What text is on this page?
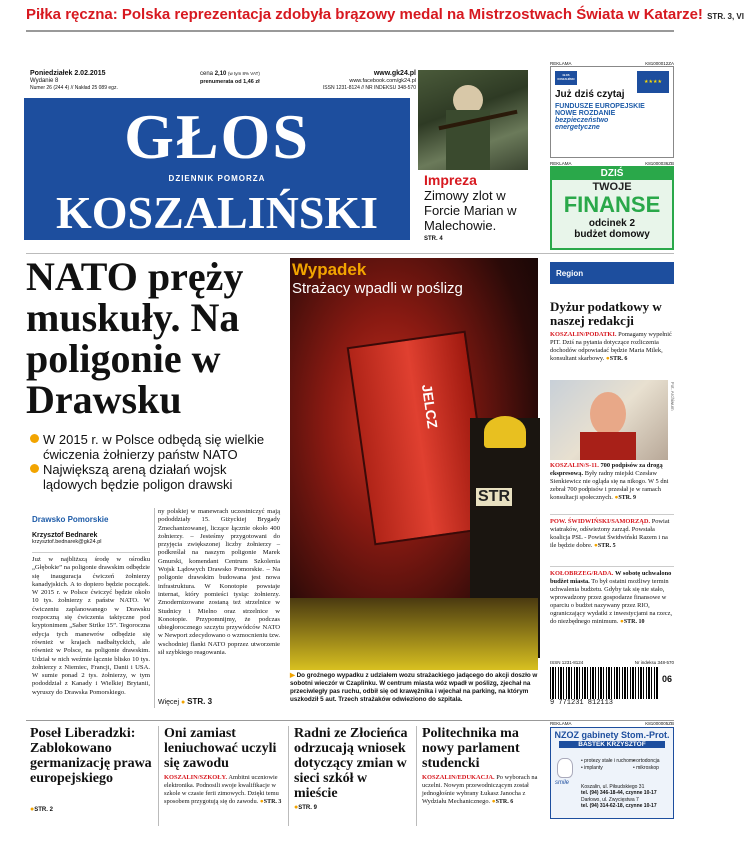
Piłka ręczna: Polska reprezentacja zdobyła brązowy medal na Mistrzostwach Świata w Katarze! STR. 3, VI
Poniedziałek 2.02.2015
Wydanie 8
Numer 26 (244 4) // Nakład 25 089 egz.
cena 2,10 (w tym 8% VAT)
prenumerata od 1,46 zł
www.gk24.pl
www.facebook.com/gk24.pl
ISSN 1231-8124 // NR INDEKSU 348-570
GŁOS
DZIENNIK POMORZA
KOSZALIŃSKI
Impreza
Zimowy zlot w Forcie Marian w Malechowie.
STR. 4
REKLAMA	K81000012ZA
GŁOS KOSZALIŃSKI
Już dziś czytaj
FUNDUSZE EUROPEJSKIE
NOWE ROZDANIE
bezpieczeństwo
energetyczne
★★★★
REKLAMA	K81000036ZB
DZIŚ
TWOJE
FINANSE
odcinek 2
budżet domowy
NATO pręży muskuły. Na poligonie w Drawsku
W 2015 r. w Polsce odbędą się wielkie ćwiczenia żołnierzy państw NATO
Największą areną działań wojsk lądowych będzie poligon drawski
Drawsko Pomorskie
Krzysztof Bednarek
krzysztof.bednarek@gk24.pl
Już w najbliższą środę w ośrodku „Głębokie” na poligonie drawskim odbędzie się inauguracja ćwiczeń żołnierzy kanadyjskich. A to dopiero będzie początek. W 2015 r. w Polsce ćwiczyć będzie około 10 tys. żołnierzy z państw NATO. W ćwiczeniu zaplanowanego w Drawsku rozpoczną się ćwiczenia taktyczne pod kryptonimem „Saber Strike 15”. Tegoroczna edycja tych manewrów odbędzie się również w krajach nadbałtyckich, ale również w Polsce, na poligonie drawskim. Udział w nich weźmie łącznie blisko 10 tys. żołnierzy z Niemiec, Francji, Danii i USA. W sumie ponad 2 tys. żołnierzy, w tym pododdział z Kanady i Wielkiej Brytanii, wyruszy do Drawska Pomorskiego.
ny polskiej w manewrach uczestniczyć mają pododdziały 15. Giżyckiej Brygady Zmechanizowanej, liczące łącznie około 400 żołnierzy. – Jesteśmy przygotowani do przyjęcia zwiększonej liczby żołnierzy – podkreślał na naszym poligonie Marek Gmurski, komendant Centrum Szkolenia Wojsk Lądowych Drawsko Pomorskie. – Na poligonie drawskim budowana jest nowa infrastruktura. W Konotopie powstaje internat, który pomieści tysiąc żołnierzy. Zmodernizowane zostaną też strzelnice w Studnicy i Mielno oraz strzelnice w Konotopie. Przypomnijmy, że podczas ubiegłorocznego szczytu przywódców NATO w Newport zdecydowano o wzmocnieniu tzw. wschodniej flanki NATO poprzez utworzenie sił szybkiego reagowania.
Więcej ● STR. 3
JELCZ
STR
Wypadek
Strażacy wpadli w poślizg
▶ Do groźnego wypadku z udziałem wozu strażackiego jadącego do akcji doszło w sobotni wieczór w Czaplinku. W centrum miasta wóz wpadł w poślizg, zjechał na przeciwległy pas ruchu, odbił się od krawężnika i wjechał na parking, na którym uszkodził 5 aut. Trzech strażaków odwieziono do szpitala.
Region
Dyżur podatkowy w naszej redakcji
KOSZALIN/PODATKI. Pomagamy wypełnić PIT. Dziś na pytania dotyczące rozliczenia dochodów odpowiadać będzie Maria Milek, konsultant skarbowy. ●STR. 6
Fot. Archiwum
KOSZALIN/S-11. 700 podpisów za drogą ekspresową. Były radny miejski Czesław Sienkiewicz nie ogląda się na nikogo. W 5 dni zebrał 700 podpisów i przesłał je w ramach konsultacji społecznych. ●STR. 9
POW. ŚWIDWIŃSKI/SAMORZĄD. Powiat wiatraków, odświeżony zarząd. Powstała koalicja PSL - Powiat Świdwiński Razem i na ile będzie dobre. ●STR. 5
KOŁOBRZEG/RADA. W sobotę uchwalono budżet miasta. To był ostatni możliwy termin uchwalenia budżetu. Gdyby tak się nie stało, wprowadzony przez gospodarze finansowe w oparciu o budżet nazywany przez RIO, ograniczający wydatki z inwestycjami na rzecz, do niezbędnego minimum. ●STR. 10
ISSN 1231-8124	Nr indeksu 348-570
9 771231 812113
06
Poseł Liberadzki: Zablokowano germanizację prawa europejskiego
●STR. 2
Oni zamiast leniuchować uczyli się zawodu
KOSZALIN/SZKOŁY. Ambitni uczniowie elektronika. Podnosili swoje kwalifikacje w szkole w czasie ferii zimowych. Dzięki temu sposobem przygotują się do zawodu. ●STR. 3
Radni ze Złocieńca odrzucają wniosek dotyczący zmian w sieci szkół w mieście
●STR. 9
Politechnika ma nowy parlament studencki
KOSZALIN/EDUKACJA. Po wyborach na uczelni. Nowym przewodniczącym został jednogłośnie wybrany Łukasz Janocha z Wydziału Mechanicznego. ●STR. 6
REKLAMA	K81000005ZB
NZOZ gabinety Stom.-Prot.
BASTEK KRZYSZTOF
smile
• protezy stałe i ruchome
• implanty
• ortodoncja
• mikroskop
Koszalin, ul. Piłsudskiego 31
tel. (94) 346-18-44, czynne 10-17
Darłowo, ul. Zwycięstwa 7
tel. (94) 314-62-18, czynne 10-17
